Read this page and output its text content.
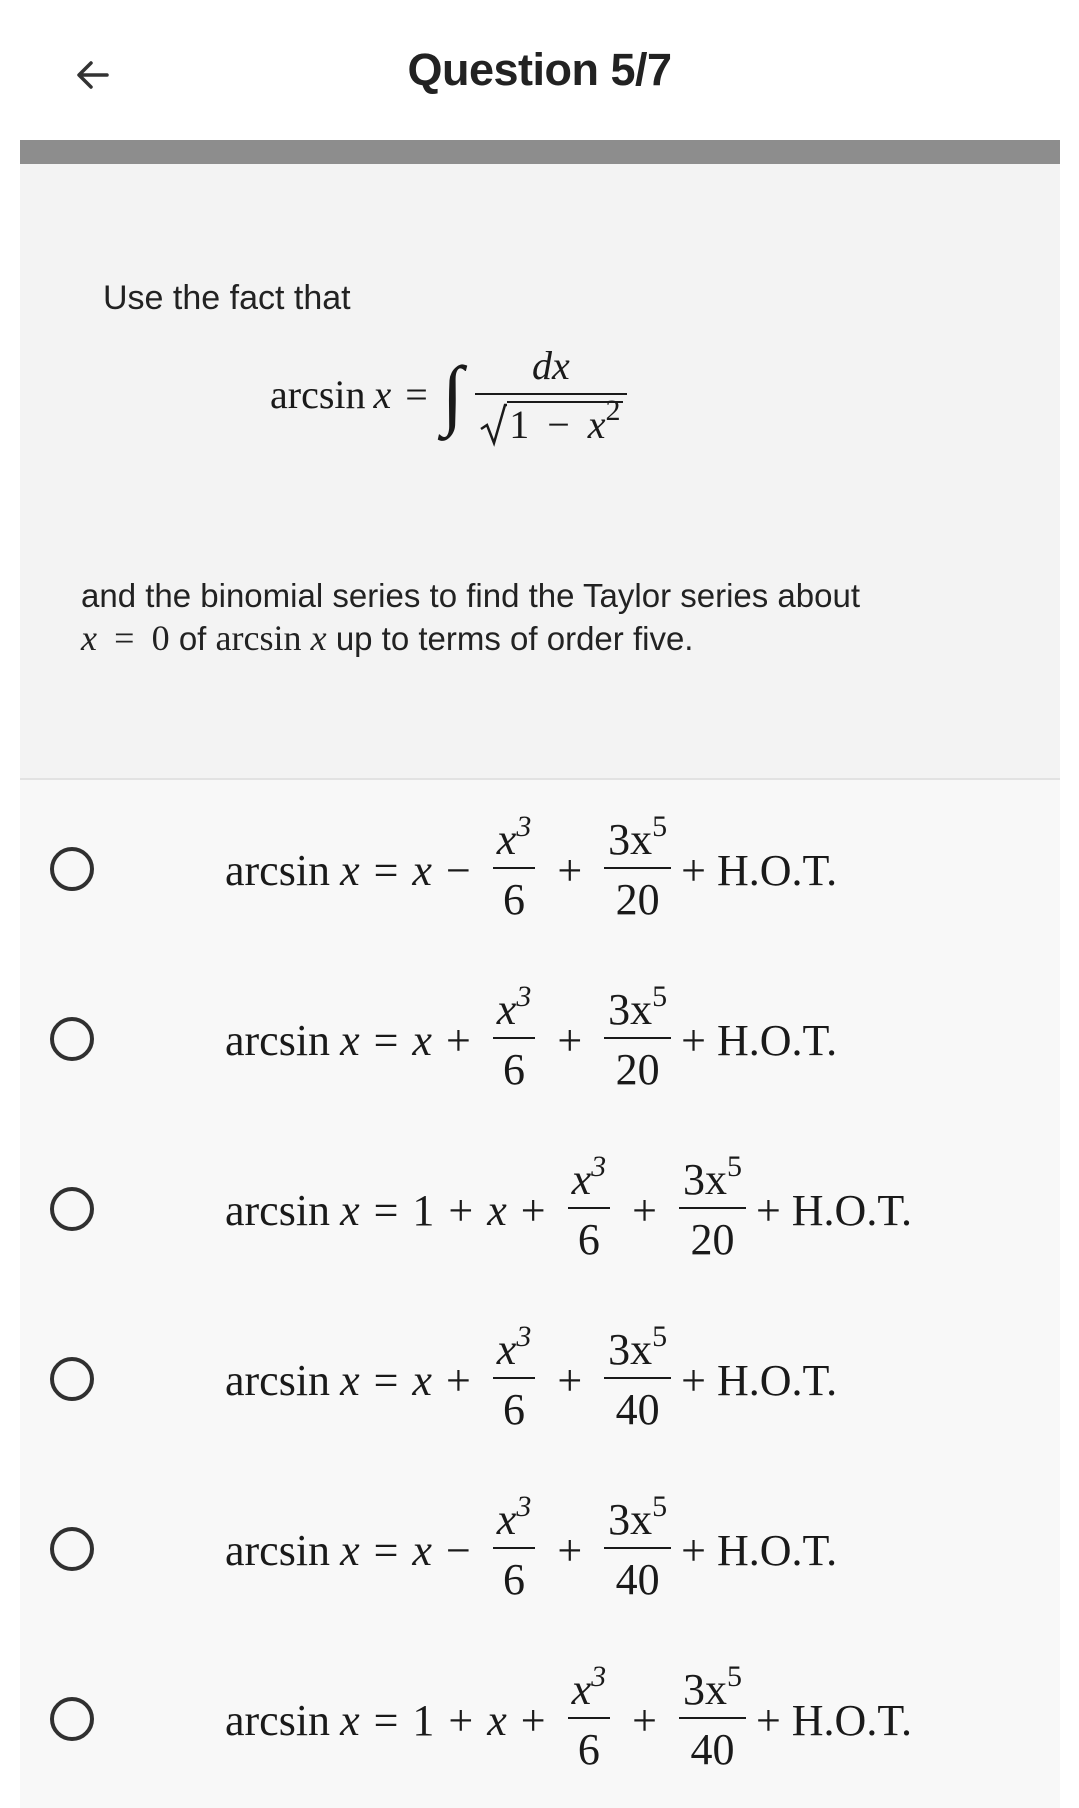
Question 5/7
Use the fact that
arcsin x = ∫ $\frac{dx}{1 - x^2}$
and the binomial series to find the Taylor series about
x = 0 of arcsin x up to terms of order five.
$\arcsin x = x - \frac{x^3}{6} + \frac{3x^5}{20} + H.O.T$.
$\arcsin x = x + \frac{x^3}{6} + \frac{3x^5}{20} + H.O.T$.
$\arcsin x = 1 + x + \frac{x^3}{6} + \frac{3x^5}{20} + H.O.T$.
$\arcsin x = x + \frac{x^3}{6} + \frac{3x^5}{40} + H.O.T$.
$\arcsin x = x - \frac{x^3}{6} + \frac{3x^5}{40} + H.O.T$.
$\arcsin x = 1 + x + \frac{x^3}{6} + \frac{3x^5}{40} + H.O.T$.
